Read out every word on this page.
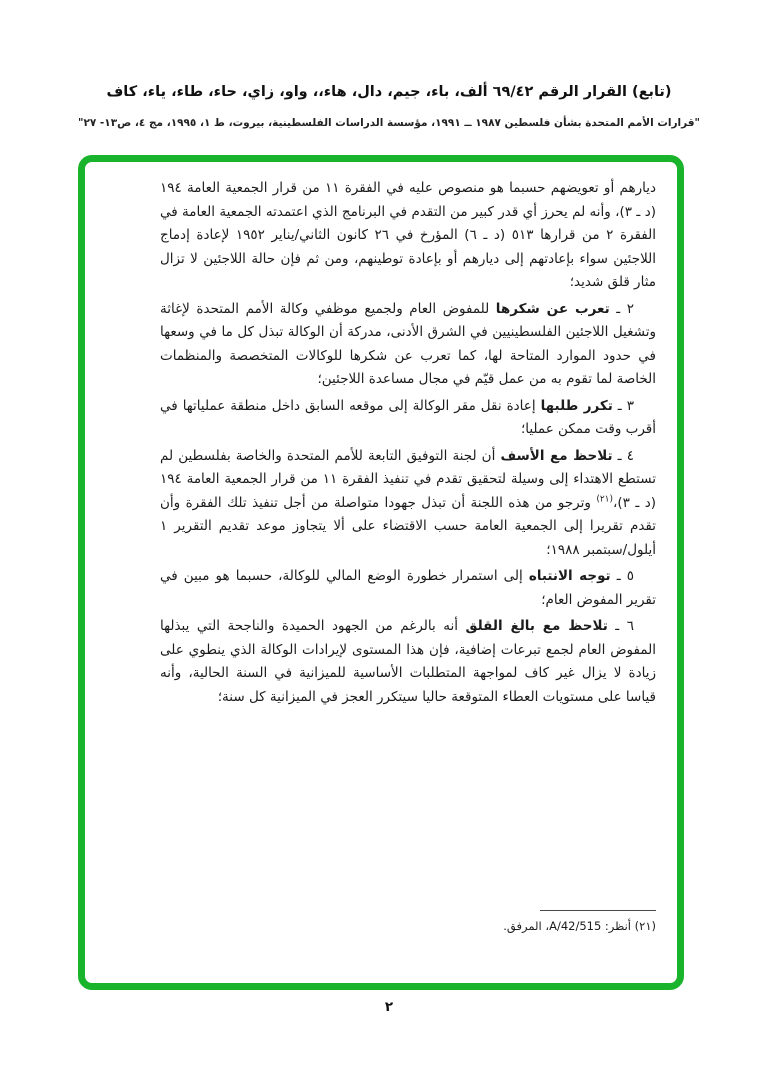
(تابع) القرار الرقم ٦٩/٤٢ ألف، باء، جيم، دال، هاء،، واو، زاي، حاء، طاء، ياء، كاف
"قرارات الأمم المتحدة بشأن فلسطين ١٩٨٧ ــ ١٩٩١، مؤسسة الدراسات الفلسطينية، بيروت، ط ١، ١٩٩٥، مج ٤، ص١٣- ٢٧"

ديارهم أو تعويضهم حسبما هو منصوص عليه في الفقرة ١١ من قرار الجمعية العامة ١٩٤ (د ـ ٣)، وأنه لم يحرز أي قدر كبير من التقدم في البرنامج الذي اعتمدته الجمعية العامة في الفقرة ٢ من قرارها ٥١٣ (د ـ ٦) المؤرخ في ٢٦ كانون الثاني/يناير ١٩٥٢ لإعادة إدماج اللاجئين سواء بإعادتهم إلى ديارهم أو بإعادة توطينهم، ومن ثم فإن حالة اللاجئين لا تزال مثار قلق شديد؛

٢ ـ تعرب عن شكرها للمفوض العام ولجميع موظفي وكالة الأمم المتحدة لإغاثة وتشغيل اللاجئين الفلسطينيين في الشرق الأدنى، مدركة أن الوكالة تبذل كل ما في وسعها في حدود الموارد المتاحة لها، كما تعرب عن شكرها للوكالات المتخصصة والمنظمات الخاصة لما تقوم به من عمل قيّم في مجال مساعدة اللاجئين؛

٣ ـ تكرر طلبها إعادة نقل مقر الوكالة إلى موقعه السابق داخل منطقة عملياتها في أقرب وقت ممكن عمليا؛

٤ ـ تلاحظ مع الأسف أن لجنة التوفيق التابعة للأمم المتحدة والخاصة بفلسطين لم تستطع الاهتداء إلى وسيلة لتحقيق تقدم في تنفيذ الفقرة ١١ من قرار الجمعية العامة ١٩٤ (د ـ ٣)،$^{(٢١)}$ وترجو من هذه اللجنة أن تبذل جهودا متواصلة من أجل تنفيذ تلك الفقرة وأن تقدم تقريرا إلى الجمعية العامة حسب الاقتضاء على ألا يتجاوز موعد تقديم التقرير ١ أيلول/سبتمبر ١٩٨٨؛

٥ ـ توجه الانتباه إلى استمرار خطورة الوضع المالي للوكالة، حسبما هو مبين في تقرير المفوض العام؛

٦ ـ تلاحظ مع بالغ القلق أنه بالرغم من الجهود الحميدة والناجحة التي يبذلها المفوض العام لجمع تبرعات إضافية، فإن هذا المستوى لإيرادات الوكالة الذي ينطوي على زيادة لا يزال غير كاف لمواجهة المتطلبات الأساسية للميزانية في السنة الحالية، وأنه قياسا على مستويات العطاء المتوقعة حاليا سيتكرر العجز في الميزانية كل سنة؛

(٢١) أنظر: A/42/515، المرفق.
٢
